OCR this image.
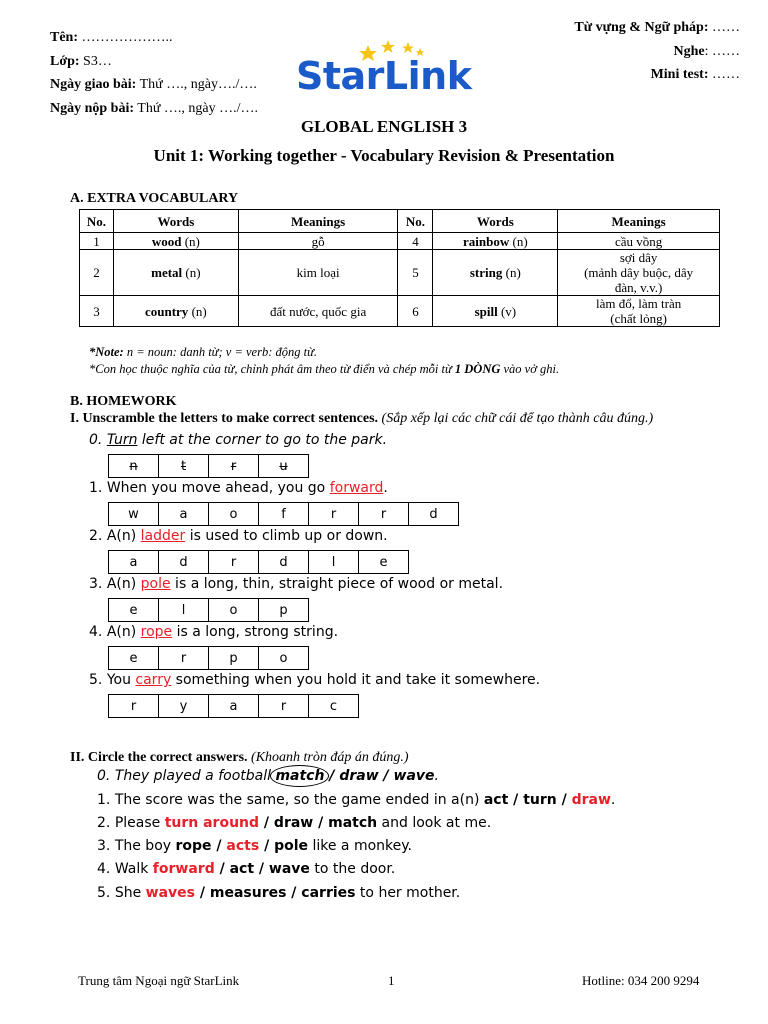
Tên: ………………..
Lớp: S3…
Ngày giao bài: Thứ …., ngày…./….
Ngày nộp bài: Thứ …., ngày …./….
StarLink
Từ vựng & Ngữ pháp: ……
Nghe: ……
Mini test: ……
GLOBAL ENGLISH 3
Unit 1: Working together - Vocabulary Revision & Presentation
A. EXTRA VOCABULARY
No.	Words	Meanings	No.	Words	Meanings
1	wood (n)	gỗ	4	rainbow (n)	cầu vồng
2	metal (n)	kim loại	5	string (n)	sợi dây
(mảnh dây buộc, dây
đàn, v.v.)
3	country (n)	đất nước, quốc gia	6	spill (v)	làm đổ, làm tràn
(chất lỏng)
*Note: n = noun: danh từ; v = verb: động từ.
*Con học thuộc nghĩa của từ, chỉnh phát âm theo từ điển và chép mỗi từ 1 DÒNG vào vở ghi.
B. HOMEWORK
I. Unscramble the letters to make correct sentences. (Sắp xếp lại các chữ cái để tạo thành câu đúng.)
0. Turn left at the corner to go to the park.
n	t	r	u
1. When you move ahead, you go forward.
w	a	o	f	r	r	d
2. A(n) ladder is used to climb up or down.
a	d	r	d	l	e
3. A(n) pole is a long, thin, straight piece of wood or metal.
e	l	o	p
4. A(n) rope is a long, strong string.
e	r	p	o
5. You carry something when you hold it and take it somewhere.
r	y	a	r	c
II. Circle the correct answers. (Khoanh tròn đáp án đúng.)
0. They played a football match / draw / wave.
1. The score was the same, so the game ended in a(n) act / turn / draw.
2. Please turn around / draw / match and look at me.
3. The boy rope / acts / pole like a monkey.
4. Walk forward / act / wave to the door.
5. She waves / measures / carries to her mother.
Trung tâm Ngoại ngữ StarLink	1	Hotline: 034 200 9294
